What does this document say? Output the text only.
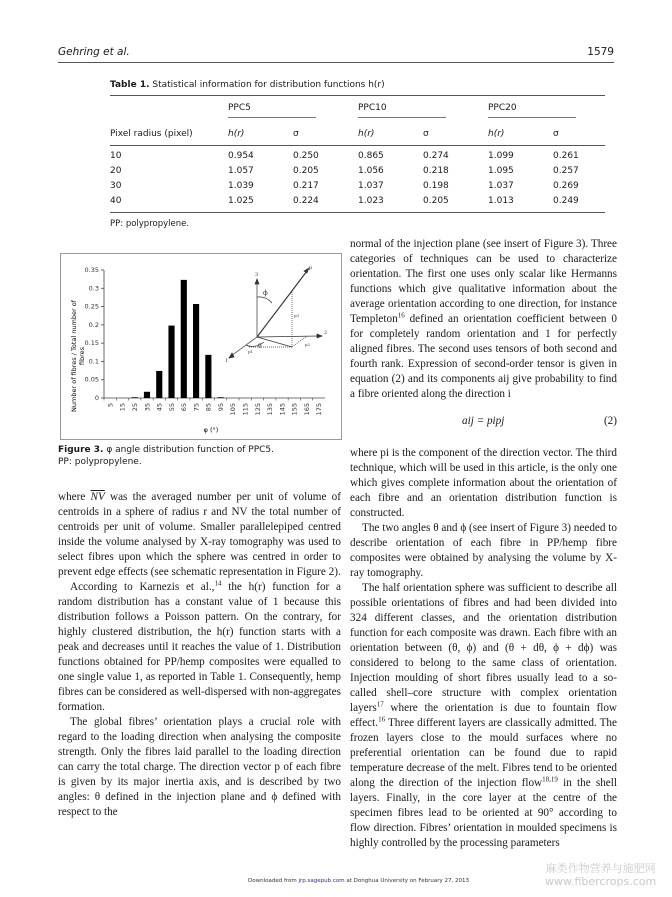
Gehring et al.	1579
Table 1. Statistical information for distribution functions h(r)
PPC5	PPC10	PPC20
Pixel radius (pixel)	h(r)	σ	h(r)	σ	h(r)	σ
10	0.954	0.250	0.865	0.274	1.099	0.261
20	1.057	0.205	1.056	0.218	1.095	0.257
30	1.039	0.217	1.037	0.198	1.037	0.269
40	1.025	0.224	1.023	0.205	1.013	0.249
PP: polypropylene.
Number of fibres / Total number of fibres
0
0.05
0.1
0.15
0.2
0.25
0.3
0.35
5 15 25 35 45 55 65 75 85 95 105 115 125 135 145 155 165 175
φ (°)
3
p
2
1
ϕ
θ
p3
p1
p2
Figure 3. φ angle distribution function of PPC5.
PP: polypropylene.

where $\overline{NV}$ was the averaged number per unit of volume of centroids in a sphere of radius r and NV the total number of centroids per unit of volume. Smaller parallelepiped centred inside the volume analysed by X-ray tomography was used to select fibres upon which the sphere was centred in order to prevent edge effects (see schematic representation in Figure 2).

According to Karnezis et al.,$^{14}$ the h(r) function for a random distribution has a constant value of 1 because this distribution follows a Poisson pattern. On the contrary, for highly clustered distribution, the h(r) function starts with a peak and decreases until it reaches the value of 1. Distribution functions obtained for PP/hemp composites were equalled to one single value 1, as reported in Table 1. Consequently, hemp fibres can be considered as well-dispersed with non-aggregates formation.

The global fibres’ orientation plays a crucial role with regard to the loading direction when analysing the composite strength. Only the fibres laid parallel to the loading direction can carry the total charge. The direction vector p of each fibre is given by its major inertia axis, and is described by two angles: θ defined in the injection plane and ϕ defined with respect to the

normal of the injection plane (see insert of Figure 3). Three categories of techniques can be used to characterize orientation. The first one uses only scalar like Hermanns functions which give qualitative information about the average orientation according to one direction, for instance Templeton$^{16}$ defined an orientation coefficient between 0 for completely random orientation and 1 for perfectly aligned fibres. The second uses tensors of both second and fourth rank. Expression of second-order tensor is given in equation (2) and its components aij give probability to find a fibre oriented along the direction i

aij = pipj	(2)

where pi is the component of the direction vector. The third technique, which will be used in this article, is the only one which gives complete information about the orientation of each fibre and an orientation distribution function is constructed.

The two angles θ and ϕ (see insert of Figure 3) needed to describe orientation of each fibre in PP/hemp fibre composites were obtained by analysing the volume by X-ray tomography.

The half orientation sphere was sufficient to describe all possible orientations of fibres and had been divided into 324 different classes, and the orientation distribution function for each composite was drawn. Each fibre with an orientation between (θ, ϕ) and (θ + dθ, ϕ + dϕ) was considered to belong to the same class of orientation. Injection moulding of short fibres usually lead to a so-called shell–core structure with complex orientation layers$^{17}$ where the orientation is due to fountain flow effect.$^{16}$ Three different layers are classically admitted. The frozen layers close to the mould surfaces where no preferential orientation can be found due to rapid temperature decrease of the melt. Fibres tend to be oriented along the direction of the injection flow$^{18,19}$ in the shell layers. Finally, in the core layer at the centre of the specimen fibres lead to be oriented at 90° according to flow direction. Fibres’ orientation in moulded specimens is highly controlled by the processing parameters

Downloaded from jrp.sagepub.com at Donghua University on February 27, 2013
麻类作物营养与施肥网
www.fibercrops.com
